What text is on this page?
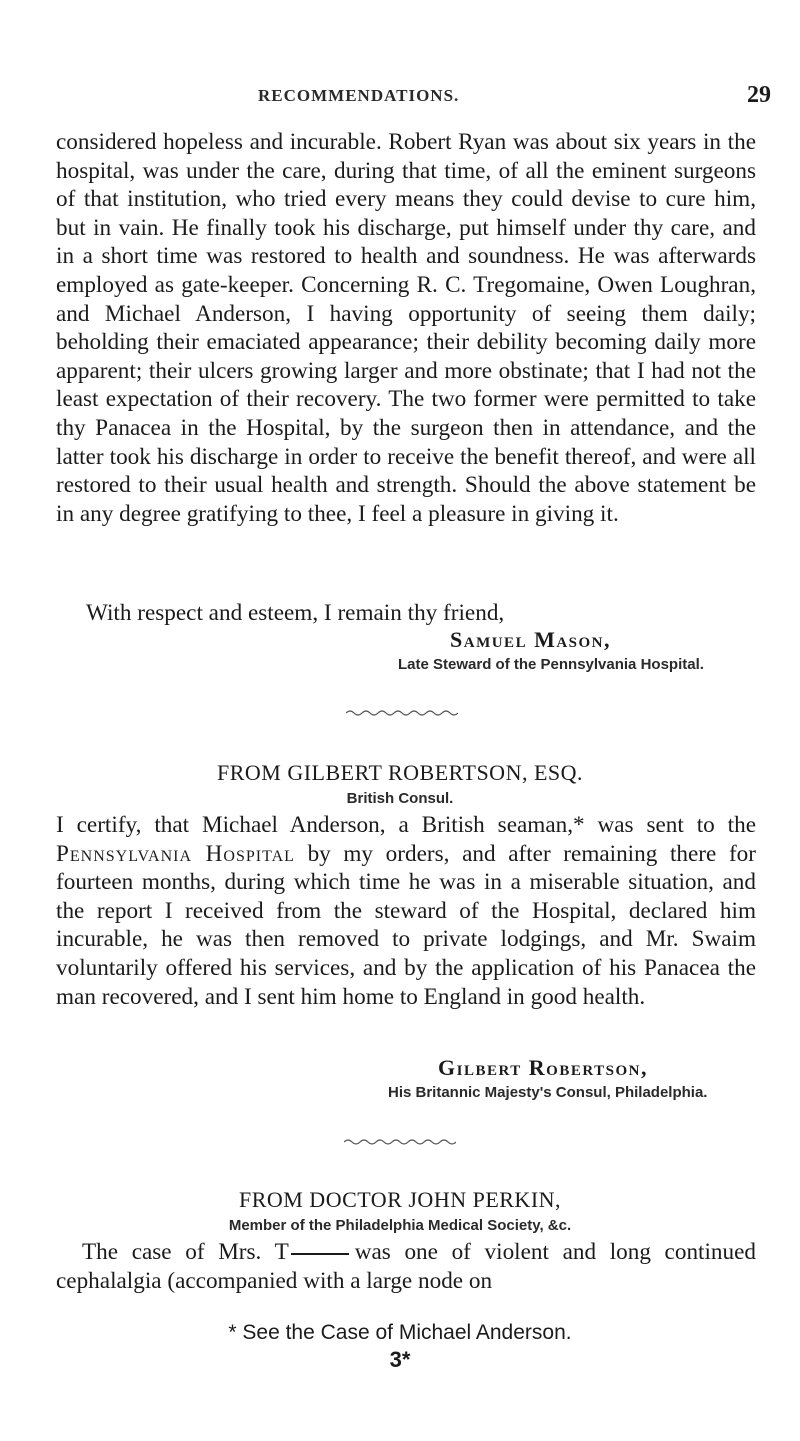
RECOMMENDATIONS.	29
considered hopeless and incurable. Robert Ryan was about six years in the hospital, was under the care, during that time, of all the eminent surgeons of that institution, who tried every means they could devise to cure him, but in vain. He finally took his discharge, put himself under thy care, and in a short time was restored to health and soundness. He was afterwards employed as gate-keeper. Concerning R. C. Tregomaine, Owen Loughran, and Michael Anderson, I having opportunity of seeing them daily; beholding their emaciated appearance; their debility becoming daily more apparent; their ulcers growing larger and more obstinate; that I had not the least expectation of their recovery. The two former were permitted to take thy Panacea in the Hospital, by the surgeon then in attendance, and the latter took his discharge in order to receive the benefit thereof, and were all restored to their usual health and strength. Should the above statement be in any degree gratifying to thee, I feel a pleasure in giving it.
With respect and esteem, I remain thy friend,
Samuel Mason,
Late Steward of the Pennsylvania Hospital.
FROM GILBERT ROBERTSON, ESQ.
British Consul.
I certify, that Michael Anderson, a British seaman,* was sent to the Pennsylvania Hospital by my orders, and after remaining there for fourteen months, during which time he was in a miserable situation, and the report I received from the steward of the Hospital, declared him incurable, he was then removed to private lodgings, and Mr. Swaim voluntarily offered his services, and by the application of his Panacea the man recovered, and I sent him home to England in good health.
Gilbert Robertson,
His Britannic Majesty's Consul, Philadelphia.
FROM DOCTOR JOHN PERKIN,
Member of the Philadelphia Medical Society, &c.
The case of Mrs. T	was one of violent and long continued cephalalgia (accompanied with a large node on
* See the Case of Michael Anderson.
3*
